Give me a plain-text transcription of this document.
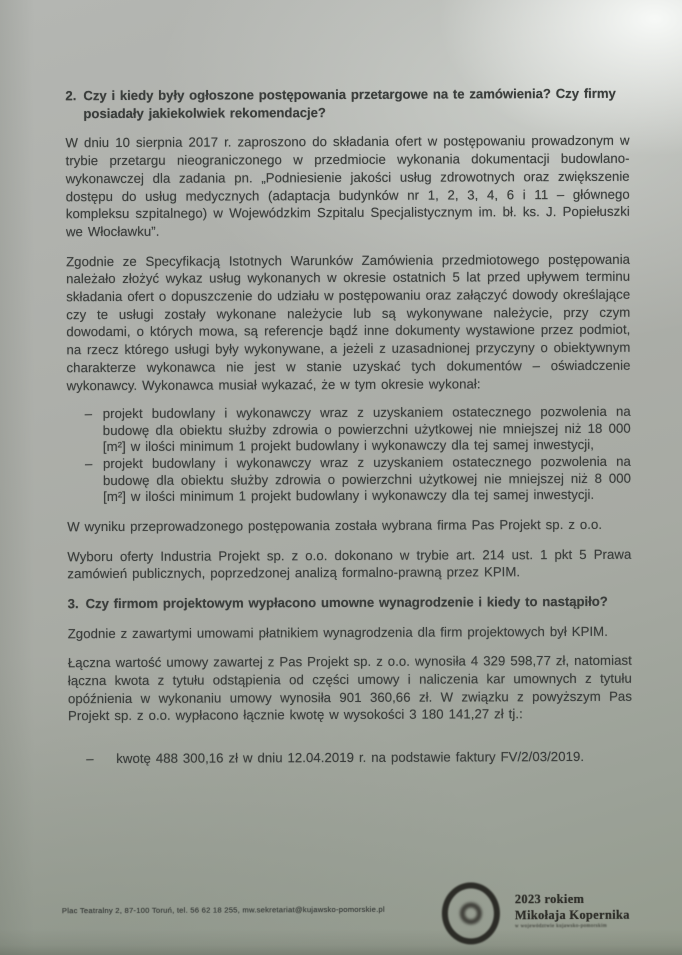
2. Czy i kiedy były ogłoszone postępowania przetargowe na te zamówienia? Czy firmy posiadały jakiekolwiek rekomendacje?

W dniu 10 sierpnia 2017 r. zaproszono do składania ofert w postępowaniu prowadzonym w trybie przetargu nieograniczonego w przedmiocie wykonania dokumentacji budowlano-wykonawczej dla zadania pn. „Podniesienie jakości usług zdrowotnych oraz zwiększenie dostępu do usług medycznych (adaptacja budynków nr 1, 2, 3, 4, 6 i 11 – głównego kompleksu szpitalnego) w Wojewódzkim Szpitalu Specjalistycznym im. bł. ks. J. Popiełuszki we Włocławku”.

Zgodnie ze Specyfikacją Istotnych Warunków Zamówienia przedmiotowego postępowania należało złożyć wykaz usług wykonanych w okresie ostatnich 5 lat przed upływem terminu składania ofert o dopuszczenie do udziału w postępowaniu oraz załączyć dowody określające czy te usługi zostały wykonane należycie lub są wykonywane należycie, przy czym dowodami, o których mowa, są referencje bądź inne dokumenty wystawione przez podmiot, na rzecz którego usługi były wykonywane, a jeżeli z uzasadnionej przyczyny o obiektywnym charakterze wykonawca nie jest w stanie uzyskać tych dokumentów – oświadczenie wykonawcy. Wykonawca musiał wykazać, że w tym okresie wykonał:

– projekt budowlany i wykonawczy wraz z uzyskaniem ostatecznego pozwolenia na budowę dla obiektu służby zdrowia o powierzchni użytkowej nie mniejszej niż 18 000 [m²] w ilości minimum 1 projekt budowlany i wykonawczy dla tej samej inwestycji,
– projekt budowlany i wykonawczy wraz z uzyskaniem ostatecznego pozwolenia na budowę dla obiektu służby zdrowia o powierzchni użytkowej nie mniejszej niż 8 000 [m²] w ilości minimum 1 projekt budowlany i wykonawczy dla tej samej inwestycji.

W wyniku przeprowadzonego postępowania została wybrana firma Pas Projekt sp. z o.o.

Wyboru oferty Industria Projekt sp. z o.o. dokonano w trybie art. 214 ust. 1 pkt 5 Prawa zamówień publicznych, poprzedzonej analizą formalno-prawną przez KPIM.

3. Czy firmom projektowym wypłacono umowne wynagrodzenie i kiedy to nastąpiło?

Zgodnie z zawartymi umowami płatnikiem wynagrodzenia dla firm projektowych był KPIM.

Łączna wartość umowy zawartej z Pas Projekt sp. z o.o. wynosiła 4 329 598,77 zł, natomiast łączna kwota z tytułu odstąpienia od części umowy i naliczenia kar umownych z tytułu opóźnienia w wykonaniu umowy wynosiła 901 360,66 zł. W związku z powyższym Pas Projekt sp. z o.o. wypłacono łącznie kwotę w wysokości 3 180 141,27 zł tj.:

–	kwotę 488 300,16 zł w dniu 12.04.2019 r. na podstawie faktury FV/2/03/2019.
Plac Teatralny 2, 87-100 Toruń, tel. 56 62 18 255, mw.sekretariat@kujawsko-pomorskie.pl
2023 rokiem
Mikołaja Kopernika
w województwie kujawsko-pomorskim
